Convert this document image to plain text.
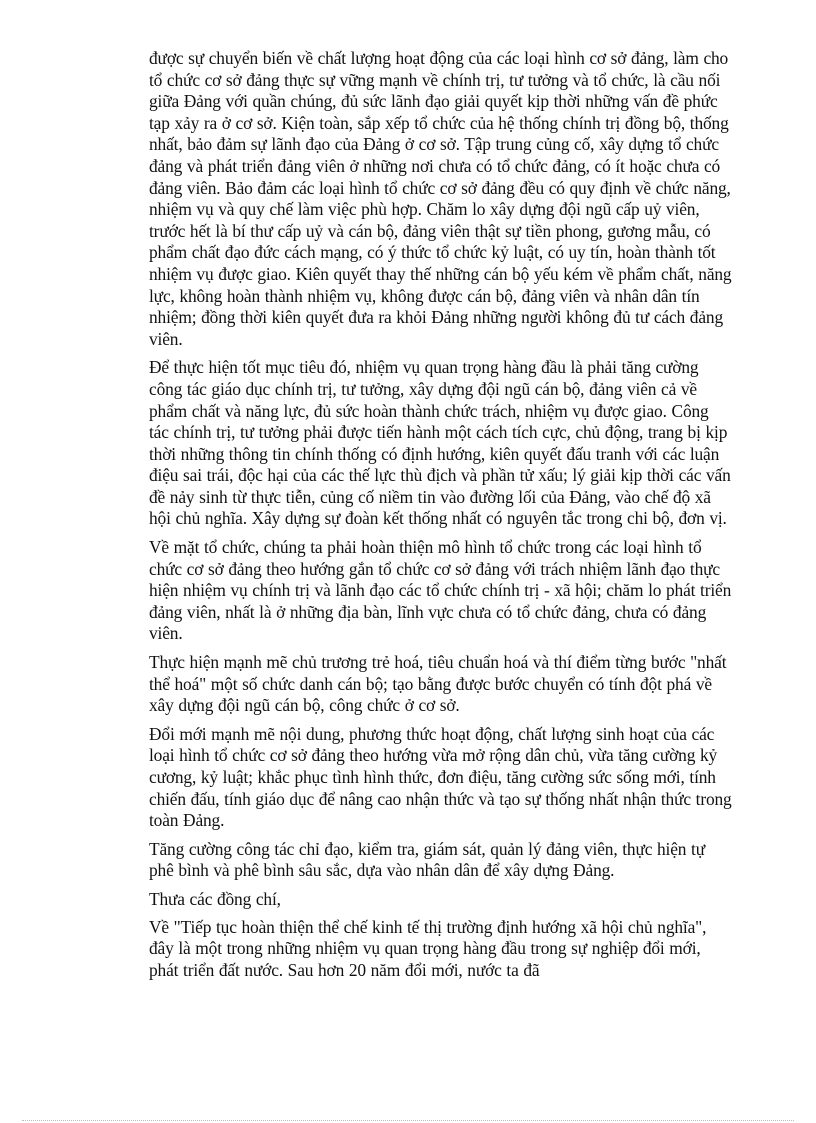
được sự chuyển biến về chất lượng hoạt động của các loại hình cơ sở đảng, làm cho tổ chức cơ sở đảng thực sự vững mạnh về chính trị, tư tưởng và tổ chức, là cầu nối giữa Đảng với quần chúng, đủ sức lãnh đạo giải quyết kịp thời những vấn đề phức tạp xảy ra ở cơ sở. Kiện toàn, sắp xếp tổ chức của hệ thống chính trị đồng bộ, thống nhất, bảo đảm sự lãnh đạo của Đảng ở cơ sở. Tập trung củng cố, xây dựng tổ chức đảng và phát triển đảng viên ở những nơi chưa có tổ chức đảng, có ít hoặc chưa có đảng viên. Bảo đảm các loại hình tổ chức cơ sở đảng đều có quy định về chức năng, nhiệm vụ và quy chế làm việc phù hợp. Chăm lo xây dựng đội ngũ cấp uỷ viên, trước hết là bí thư cấp uỷ và cán bộ, đảng viên thật sự tiền phong, gương mẫu, có phẩm chất đạo đức cách mạng, có ý thức tổ chức kỷ luật, có uy tín, hoàn thành tốt nhiệm vụ được giao. Kiên quyết thay thế những cán bộ yếu kém về phẩm chất, năng lực, không hoàn thành nhiệm vụ, không được cán bộ, đảng viên và nhân dân tín nhiệm; đồng thời kiên quyết đưa ra khỏi Đảng những người không đủ tư cách đảng viên.

Để thực hiện tốt mục tiêu đó, nhiệm vụ quan trọng hàng đầu là phải tăng cường công tác giáo dục chính trị, tư tưởng, xây dựng đội ngũ cán bộ, đảng viên cả về phẩm chất và năng lực, đủ sức hoàn thành chức trách, nhiệm vụ được giao. Công tác chính trị, tư tưởng phải được tiến hành một cách tích cực, chủ động, trang bị kịp thời những thông tin chính thống có định hướng, kiên quyết đấu tranh với các luận điệu sai trái, độc hại của các thế lực thù địch và phần tử xấu; lý giải kịp thời các vấn đề nảy sinh từ thực tiễn, củng cố niềm tin vào đường lối của Đảng, vào chế độ xã hội chủ nghĩa. Xây dựng sự đoàn kết thống nhất có nguyên tắc trong chi bộ, đơn vị.

Về mặt tổ chức, chúng ta phải hoàn thiện mô hình tổ chức trong các loại hình tổ chức cơ sở đảng theo hướng gắn tổ chức cơ sở đảng với trách nhiệm lãnh đạo thực hiện nhiệm vụ chính trị và lãnh đạo các tổ chức chính trị - xã hội; chăm lo phát triển đảng viên, nhất là ở những địa bàn, lĩnh vực chưa có tổ chức đảng, chưa có đảng viên.

Thực hiện mạnh mẽ chủ trương trẻ hoá, tiêu chuẩn hoá và thí điểm từng bước "nhất thể hoá" một số chức danh cán bộ; tạo bằng được bước chuyển có tính đột phá về xây dựng đội ngũ cán bộ, công chức ở cơ sở.

Đổi mới mạnh mẽ nội dung, phương thức hoạt động, chất lượng sinh hoạt của các loại hình tổ chức cơ sở đảng theo hướng vừa mở rộng dân chủ, vừa tăng cường kỷ cương, kỷ luật; khắc phục tình hình thức, đơn điệu, tăng cường sức sống mới, tính chiến đấu, tính giáo dục để nâng cao nhận thức và tạo sự thống nhất nhận thức trong toàn Đảng.

Tăng cường công tác chỉ đạo, kiểm tra, giám sát, quản lý đảng viên, thực hiện tự phê bình và phê bình sâu sắc, dựa vào nhân dân để xây dựng Đảng.

Thưa các đồng chí,

Về "Tiếp tục hoàn thiện thể chế kinh tế thị trường định hướng xã hội chủ nghĩa", đây là một trong những nhiệm vụ quan trọng hàng đầu trong sự nghiệp đổi mới, phát triển đất nước. Sau hơn 20 năm đổi mới, nước ta đã
